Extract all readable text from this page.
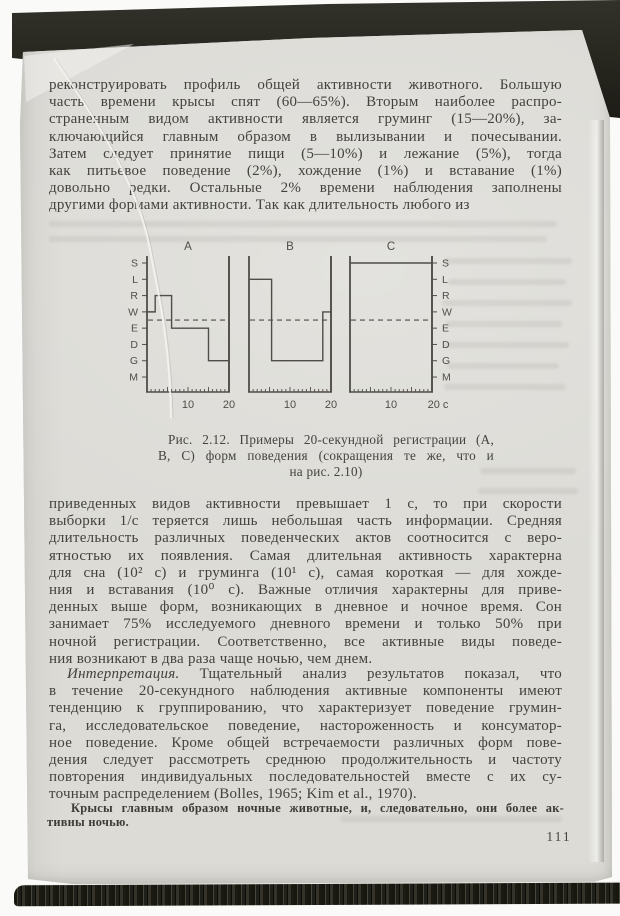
реконструировать профиль общей активности животного. Большую
часть времени крысы спят (60—65%). Вторым наиболее распро-
страненным видом активности является груминг (15—20%), за-
ключающийся главным образом в вылизывании и почесывании.
Затем следует принятие пищи (5—10%) и лежание (5%), тогда
как питьевое поведение (2%), хождение (1%) и вставание (1%)
довольно редки. Остальные 2% времени наблюдения заполнены
другими формами активности. Так как длительность любого из
A
10	20
S
L
R
W
E
D
G
M
B
10	20
C
10	20 с
S
L
R
W
E
D
G
M
Рис. 2.12. Примеры 20-секундной регистрации (А,
В, С) форм поведения (сокращения те же, что и
на рис. 2.10)
приведенных видов активности превышает 1 с, то при скорости
выборки 1/с теряется лишь небольшая часть информации. Средняя
длительность различных поведенческих актов соотносится с веро-
ятностью их появления. Самая длительная активность характерна
для сна (10² с) и груминга (10¹ с), самая короткая — для хожде-
ния и вставания (10⁰ с). Важные отличия характерны для приве-
денных выше форм, возникающих в дневное и ночное время. Сон
занимает 75% исследуемого дневного времени и только 50% при
ночной регистрации. Соответственно, все активные виды поведе-
ния возникают в два раза чаще ночью, чем днем.
Интерпретация. Тщательный анализ результатов показал, что
в течение 20-секундного наблюдения активные компоненты имеют
тенденцию к группированию, что характеризует поведение грумин-
га, исследовательское поведение, настороженность и консуматор-
ное поведение. Кроме общей встречаемости различных форм пове-
дения следует рассмотреть среднюю продолжительность и частоту
повторения индивидуальных последовательностей вместе с их су-
точным распределением (Bolles, 1965; Kim et al., 1970).
Крысы главным образом ночные животные, и, следовательно, они более ак-
тивны ночью.
111
